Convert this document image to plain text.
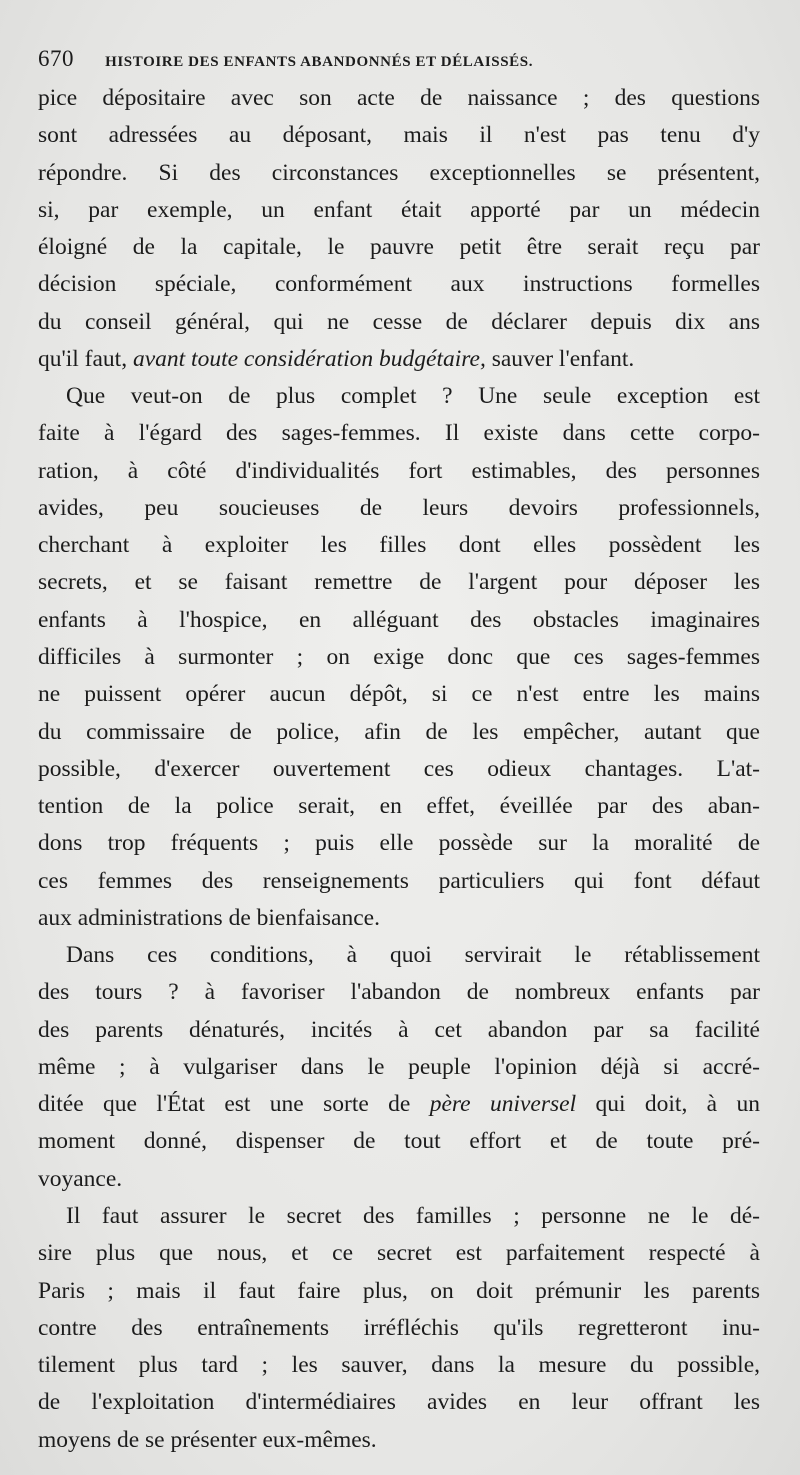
670 HISTOIRE DES ENFANTS ABANDONNÉS ET DÉLAISSÉS.
pice dépositaire avec son acte de naissance ; des questions
sont adressées au déposant, mais il n'est pas tenu d'y
répondre. Si des circonstances exceptionnelles se présentent,
si, par exemple, un enfant était apporté par un médecin
éloigné de la capitale, le pauvre petit être serait reçu par
décision spéciale, conformément aux instructions formelles
du conseil général, qui ne cesse de déclarer depuis dix ans
qu'il faut, avant toute considération budgétaire, sauver l'enfant.
Que veut-on de plus complet ? Une seule exception est
faite à l'égard des sages-femmes. Il existe dans cette corpo-
ration, à côté d'individualités fort estimables, des personnes
avides, peu soucieuses de leurs devoirs professionnels,
cherchant à exploiter les filles dont elles possèdent les
secrets, et se faisant remettre de l'argent pour déposer les
enfants à l'hospice, en alléguant des obstacles imaginaires
difficiles à surmonter ; on exige donc que ces sages-femmes
ne puissent opérer aucun dépôt, si ce n'est entre les mains
du commissaire de police, afin de les empêcher, autant que
possible, d'exercer ouvertement ces odieux chantages. L'at-
tention de la police serait, en effet, éveillée par des aban-
dons trop fréquents ; puis elle possède sur la moralité de
ces femmes des renseignements particuliers qui font défaut
aux administrations de bienfaisance.
Dans ces conditions, à quoi servirait le rétablissement
des tours ? à favoriser l'abandon de nombreux enfants par
des parents dénaturés, incités à cet abandon par sa facilité
même ; à vulgariser dans le peuple l'opinion déjà si accré-
ditée que l'État est une sorte de père universel qui doit, à un
moment donné, dispenser de tout effort et de toute pré-
voyance.
Il faut assurer le secret des familles ; personne ne le dé-
sire plus que nous, et ce secret est parfaitement respecté à
Paris ; mais il faut faire plus, on doit prémunir les parents
contre des entraînements irréfléchis qu'ils regretteront inu-
tilement plus tard ; les sauver, dans la mesure du possible,
de l'exploitation d'intermédiaires avides en leur offrant les
moyens de se présenter eux-mêmes.
